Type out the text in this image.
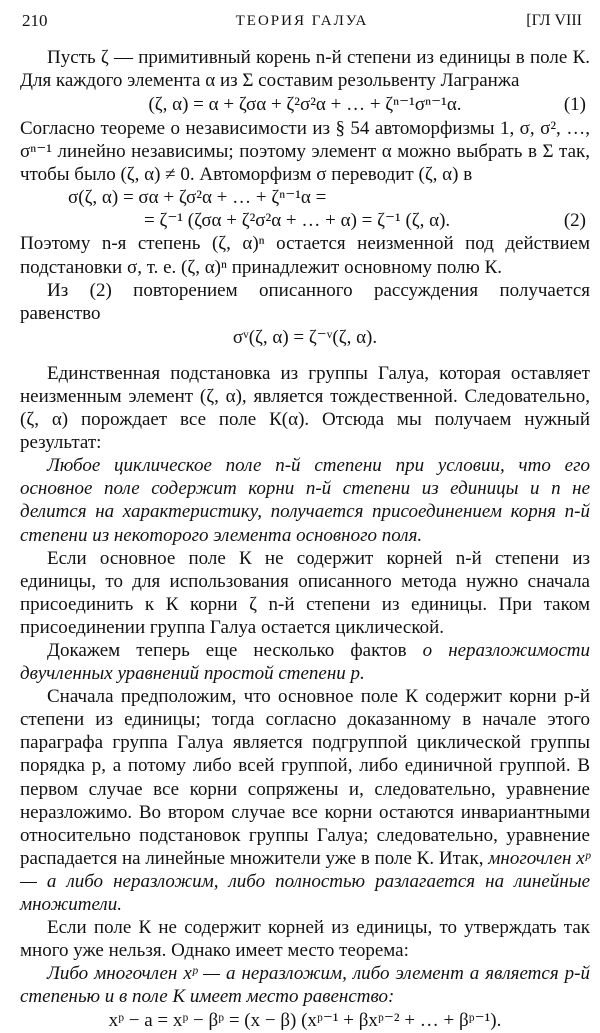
210	ТЕОРИЯ ГАЛУА	[ГЛ VIII

Пусть ζ — примитивный корень n-й степени из единицы в поле К. Для каждого элемента α из Σ составим резольвенту Лагранжа

(ζ, α) = α + ζσα + ζ²σ²α + … + ζⁿ⁻¹σⁿ⁻¹α.	(1)

Согласно теореме о независимости из § 54 автоморфизмы 1, σ, σ², …, σⁿ⁻¹ линейно независимы; поэтому элемент α можно выбрать в Σ так, чтобы было (ζ, α) ≠ 0. Автоморфизм σ переводит (ζ, α) в

σ(ζ, α) = σα + ζσ²α + … + ζⁿ⁻¹α =
= ζ⁻¹ (ζσα + ζ²σ²α + … + α) = ζ⁻¹ (ζ, α).	(2)

Поэтому n-я степень (ζ, α)ⁿ остается неизменной под действием подстановки σ, т. е. (ζ, α)ⁿ принадлежит основному полю К.

Из (2) повторением описанного рассуждения получается равенство

σᵛ(ζ, α) = ζ⁻ᵛ(ζ, α).

Единственная подстановка из группы Галуа, которая оставляет неизменным элемент (ζ, α), является тождественной. Следовательно, (ζ, α) порождает все поле К(α). Отсюда мы получаем нужный результат:

Любое циклическое поле n-й степени при условии, что его основное поле содержит корни n-й степени из единицы и n не делится на характеристику, получается присоединением корня n-й степени из некоторого элемента основного поля.

Если основное поле К не содержит корней n-й степени из единицы, то для использования описанного метода нужно сначала присоединить к К корни ζ n-й степени из единицы. При таком присоединении группа Галуа остается циклической.

Докажем теперь еще несколько фактов о неразложимости двучленных уравнений простой степени p.

Сначала предположим, что основное поле К содержит корни p-й степени из единицы; тогда согласно доказанному в начале этого параграфа группа Галуа является подгруппой циклической группы порядка p, а потому либо всей группой, либо единичной группой. В первом случае все корни сопряжены и, следовательно, уравнение неразложимо. Во втором случае все корни остаются инвариантными относительно подстановок группы Галуа; следовательно, уравнение распадается на линейные множители уже в поле К. Итак, многочлен xᵖ — a либо неразложим, либо полностью разлагается на линейные множители.

Если поле К не содержит корней из единицы, то утверждать так много уже нельзя. Однако имеет место теорема:

Либо многочлен xᵖ — a неразложим, либо элемент a является p-й степенью и в поле К имеет место равенство:

xᵖ − a = xᵖ − βᵖ = (x − β) (xᵖ⁻¹ + βxᵖ⁻² + … + βᵖ⁻¹).
